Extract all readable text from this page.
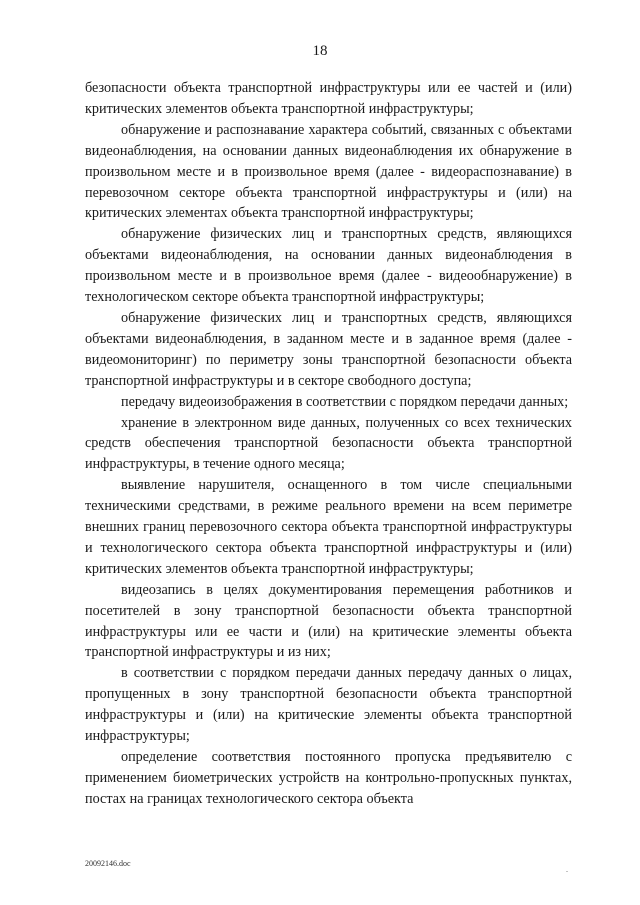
18

безопасности объекта транспортной инфраструктуры или ее частей и (или) критических элементов объекта транспортной инфраструктуры;

обнаружение и распознавание характера событий, связанных с объектами видеонаблюдения, на основании данных видеонаблюдения их обнаружение в произвольном месте и в произвольное время (далее - видеораспознавание) в перевозочном секторе объекта транспортной инфраструктуры и (или) на критических элементах объекта транспортной инфраструктуры;

обнаружение физических лиц и транспортных средств, являющихся объектами видеонаблюдения, на основании данных видеонаблюдения в произвольном месте и в произвольное время (далее - видеообнаружение) в технологическом секторе объекта транспортной инфраструктуры;

обнаружение физических лиц и транспортных средств, являющихся объектами видеонаблюдения, в заданном месте и в заданное время (далее - видеомониторинг) по периметру зоны транспортной безопасности объекта транспортной инфраструктуры и в секторе свободного доступа;

передачу видеоизображения в соответствии с порядком передачи данных;

хранение в электронном виде данных, полученных со всех технических средств обеспечения транспортной безопасности объекта транспортной инфраструктуры, в течение одного месяца;

выявление нарушителя, оснащенного в том числе специальными техническими средствами, в режиме реального времени на всем периметре внешних границ перевозочного сектора объекта транспортной инфраструктуры и технологического сектора объекта транспортной инфраструктуры и (или) критических элементов объекта транспортной инфраструктуры;

видеозапись в целях документирования перемещения работников и посетителей в зону транспортной безопасности объекта транспортной инфраструктуры или ее части и (или) на критические элементы объекта транспортной инфраструктуры и из них;

в соответствии с порядком передачи данных передачу данных о лицах, пропущенных в зону транспортной безопасности объекта транспортной инфраструктуры и (или) на критические элементы объекта транспортной инфраструктуры;

определение соответствия постоянного пропуска предъявителю с применением биометрических устройств на контрольно-пропускных пунктах, постах на границах технологического сектора объекта

20092146.doc
.
